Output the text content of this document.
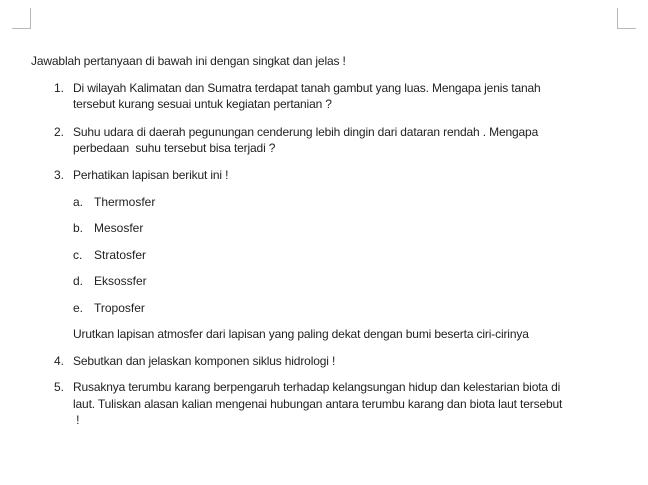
Jawablah pertanyaan di bawah ini dengan singkat dan jelas !
1. Di wilayah Kalimatan dan Sumatra terdapat tanah gambut yang luas. Mengapa jenis tanah
tersebut kurang sesuai untuk kegiatan pertanian ?
2. Suhu udara di daerah pegunungan cenderung lebih dingin dari dataran rendah . Mengapa
perbedaan  suhu tersebut bisa terjadi ?
3. Perhatikan lapisan berikut ini !
a. Thermosfer
b. Mesosfer
c. Stratosfer
d. Eksossfer
e. Troposfer
Urutkan lapisan atmosfer dari lapisan yang paling dekat dengan bumi beserta ciri-cirinya
4. Sebutkan dan jelaskan komponen siklus hidrologi !
5. Rusaknya terumbu karang berpengaruh terhadap kelangsungan hidup dan kelestarian biota di
laut. Tuliskan alasan kalian mengenai hubungan antara terumbu karang dan biota laut tersebut
!
